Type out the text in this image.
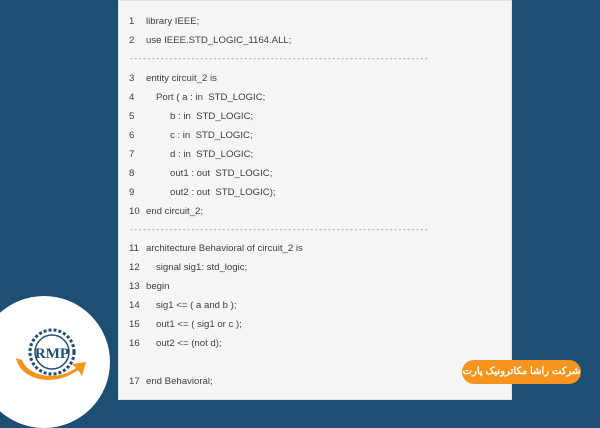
1	library IEEE;
2	use IEEE.STD_LOGIC_1164.ALL;
--------------------------------------------------------------------
3	entity circuit_2 is
4	Port ( a : in  STD_LOGIC;
5	b : in  STD_LOGIC;
6	c : in  STD_LOGIC;
7	d : in  STD_LOGIC;
8	out1 : out  STD_LOGIC;
9	out2 : out  STD_LOGIC);
10 end circuit_2;
--------------------------------------------------------------------
11 architecture Behavioral of circuit_2 is
12	signal sig1: std_logic;
13 begin
14	sig1 <= ( a and b );
15	out1 <= ( sig1 or c );
16	out2 <= (not d);
17 end Behavioral;
RMP
شرکت راشا مکاترونیک پارت
